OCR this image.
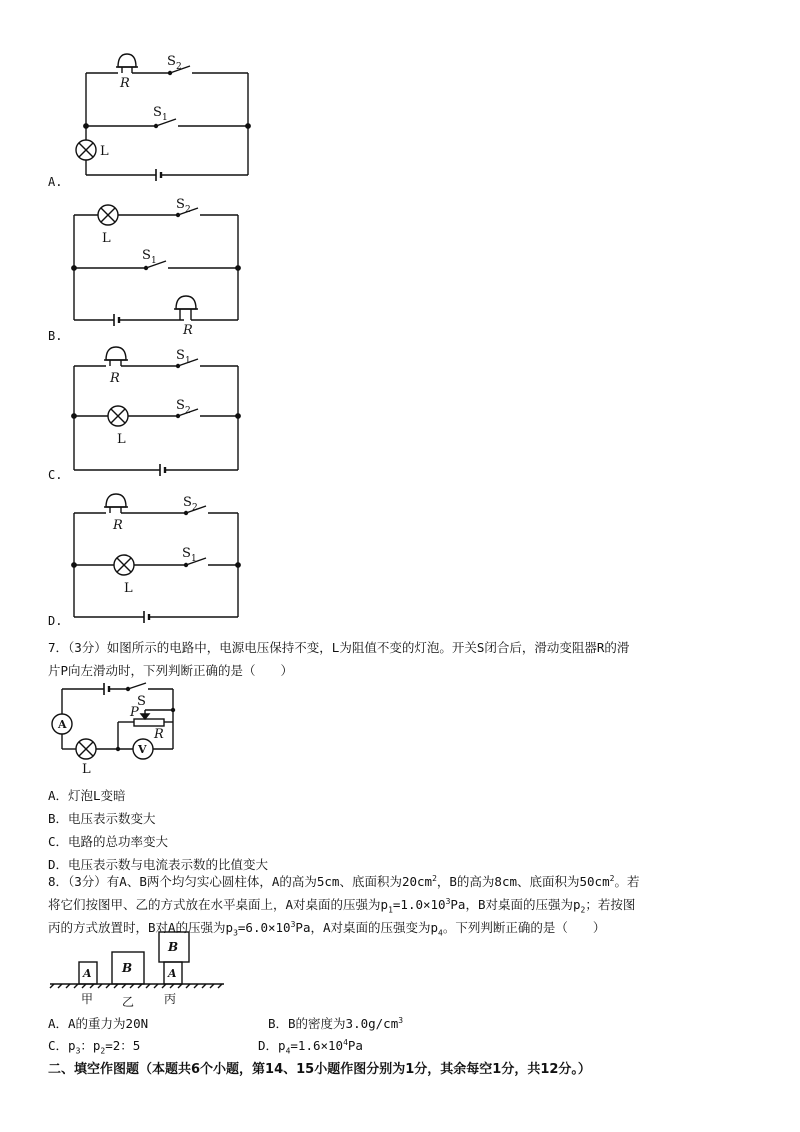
R
S 2
S 1
L
A.
L
S 2
S 1
R
B.
R
S 1
S 2
L
C.
R
S 2
S 1
L
D.
7．（3分）如图所示的电路中，电源电压保持不变，L为阻值不变的灯泡。开关S闭合后，滑动变阻器R的滑
片P向左滑动时，下列判断正确的是（　　）
A
V
S
P
R
L
A．灯泡L变暗
B．电压表示数变大
C．电路的总功率变大
D．电压表示数与电流表示数的比值变大
8．（3分）有A、B两个均匀实心圆柱体，A的高为5cm、底面积为$20cm^2$，B的高为8cm、底面积为$50cm^2$。若
将它们按图甲、乙的方式放在水平桌面上，A对桌面的压强为$p_1=1.0\times 10^3Pa$，B对桌面的压强为$p_2$；若按图
丙的方式放置时，B对A的压强为$p_3=6.0\times 10^3Pa$，A对桌面的压强变为$p_4$。下列判断正确的是（　　）
A	B	A
B
甲 乙 丙
A．A的重力为20N	B．B的密度为$3.0g/cm^3$
C．$p_3$：$p_2=2$：5	D．$p_4=1.6\times 10^4Pa$
二、填空作图题（本题共6个小题，第14、15小题作图分别为1分，其余每空1分，共12分。）
